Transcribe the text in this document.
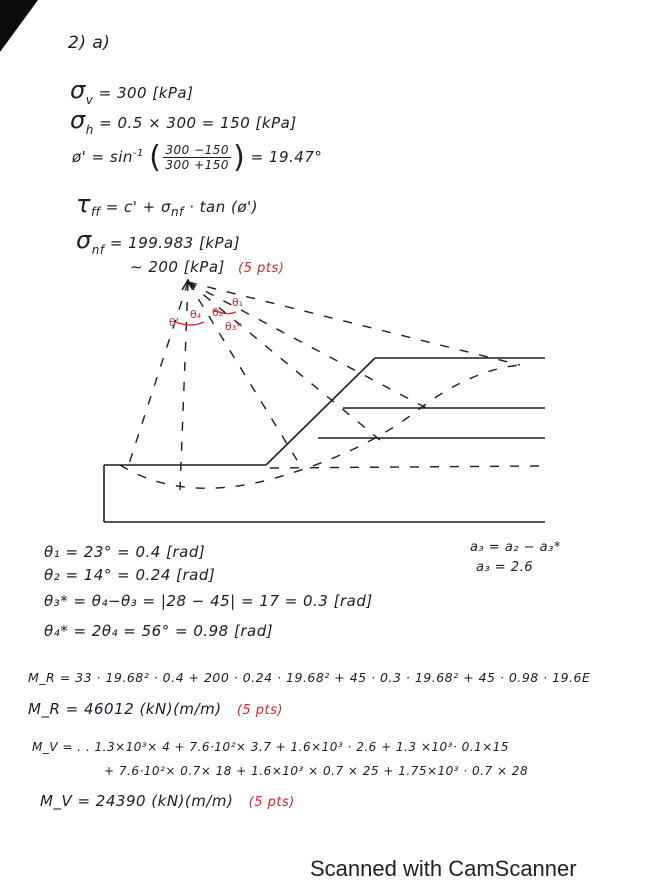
2) a)
$\sigma_v = 300$ [kPa]
$\sigma_h = 0.5 \times 300 = 150$ [kPa]
ø' = $\sin^{-1}$ ( $\frac{300 -150}{300 +150}$ ) = 19.47°
$\tau_{ff} = c' + \sigma_{nf} \cdot \tan$ (ø')
$\sigma_{nf} = 199.983$ [kPa]
∼ 200 [kPa] (5 pts)
θ'
θ₄ θ₂
θ₁
θ₃*
θ₁ = 23° = 0.4 [rad]
θ₂ = 14° = 0.24 [rad]
θ₃* = θ₄−θ₃ = |28 − 45| = 17 = 0.3 [rad]
θ₄* = 2θ₄ = 56° = 0.98 [rad]
a₃ = a₂ − a₃*
a₃ = 2.6
M_R = 33 · 19.68² · 0.4 + 200 · 0.24 · 19.68² + 45 · 0.3 · 19.68² + 45 · 0.98 · 19.6E
M_R = 46012 (kN)(m/m) (5 pts)
M_V = . . 1.3×10³× 4 + 7.6·10²× 3.7 + 1.6×10³ · 2.6 + 1.3 ×10³· 0.1×15
+ 7.6·10²× 0.7× 18 + 1.6×10³ × 0.7 × 25 + 1.75×10³ · 0.7 × 28
M_V = 24390 (kN)(m/m) (5 pts)
Scanned with CamScanner
